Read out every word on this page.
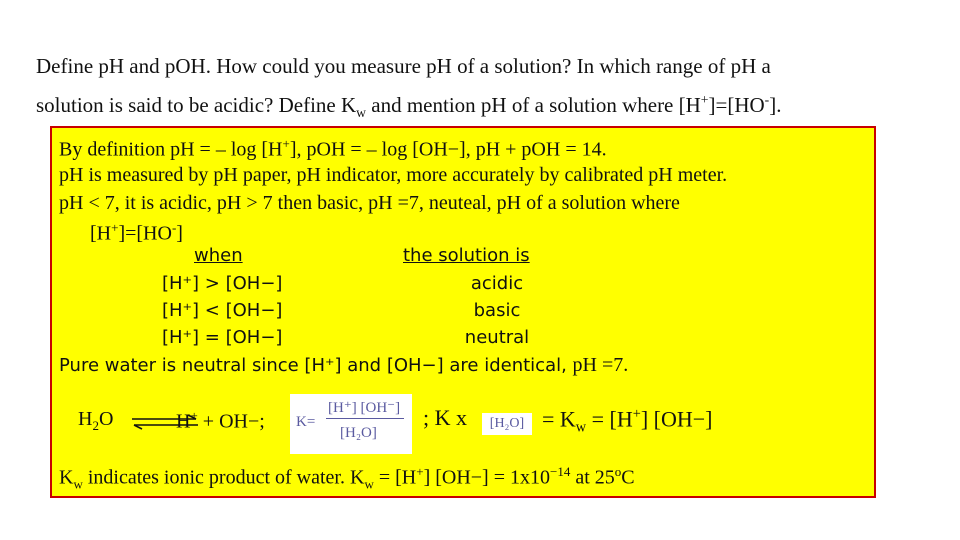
Define pH and pOH. How could you measure pH of a solution? In which range of pH a
solution is said to be acidic? Define $K_w$ and mention pH of a solution where [H+]=[HO-].
By definition pH = – log [H+], pOH = – log [OH−], pH + pOH = 14.
pH is measured by pH paper, pH indicator, more accurately by calibrated pH meter.
pH < 7, it is acidic, pH > 7 then basic, pH =7, neuteal, pH of a solution where
[H+]=[HO-]
when	the solution is
[H⁺] > [OH−]	acidic
[H⁺] < [OH−]	basic
[H⁺] = [OH−]	neutral
Pure water is neutral since [H⁺] and [OH−] are identical, pH =7.
$H_2O$	H+ + OH−; K=
[H⁺] [OH⁻]
[H₂O]
; K x	$[H_2O] = K_w = [H^+]$ [OH−]
$K_w$ indicates ionic product of water. $K_w = [H^+] [OH-] = 1x10^{-14}$ at 25$^o$C
